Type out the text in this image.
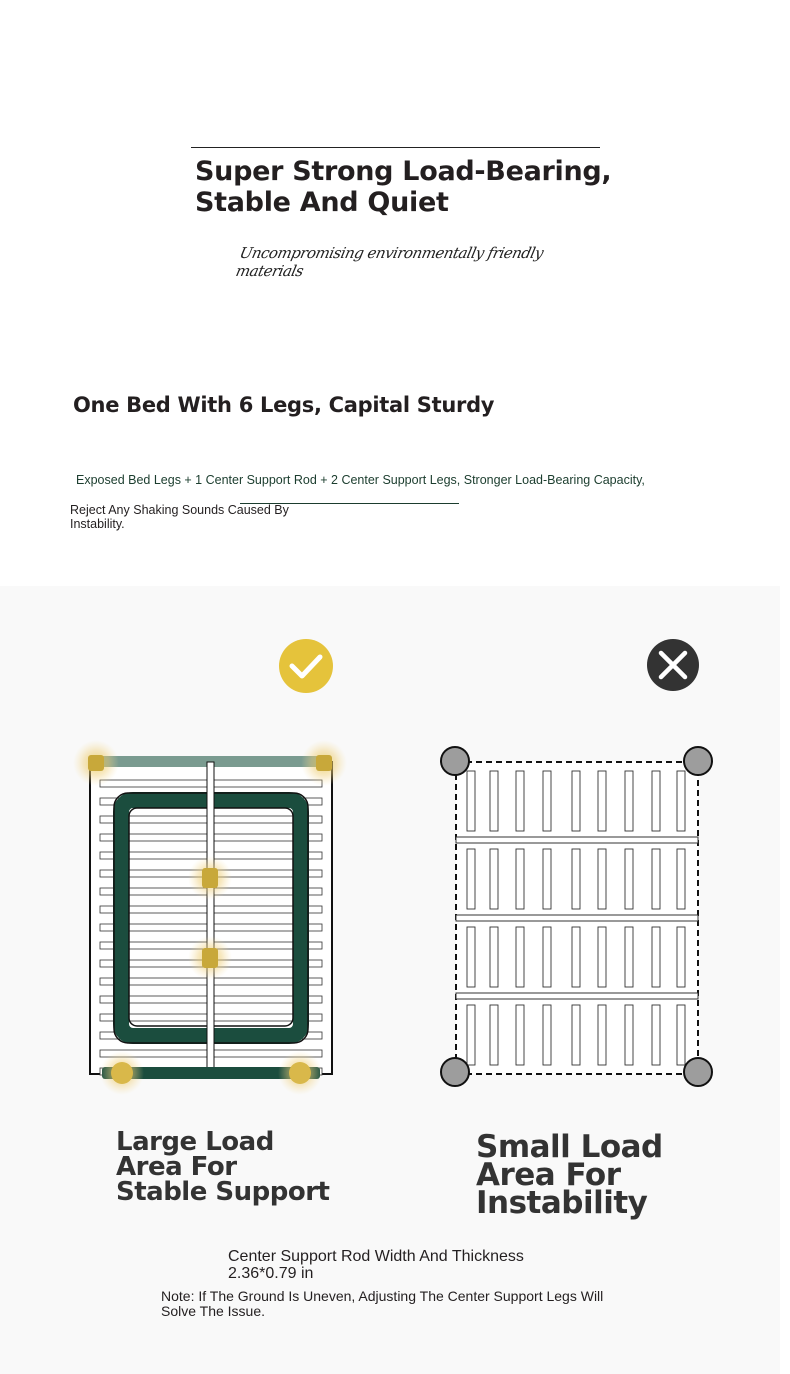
Super Strong Load-Bearing,
Stable And Quiet
Uncompromising environmentally friendly materials
One Bed With 6 Legs, Capital Sturdy
Exposed Bed Legs + 1 Center Support Rod + 2 Center Support Legs, Stronger Load-Bearing Capacity,
Reject Any Shaking Sounds Caused By Instability.
Large Load
Area For
Stable Support
Small Load
Area For
Instability
Center Support Rod Width And Thickness
2.36*0.79 in
Note: If The Ground Is Uneven, Adjusting The Center Support Legs Will Solve The Issue.
